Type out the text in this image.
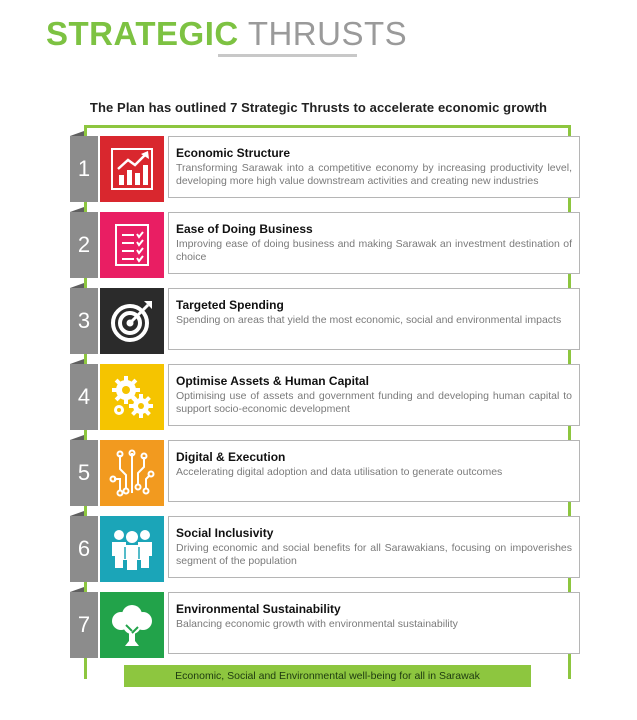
STRATEGIC THRUSTS
The Plan has outlined 7 Strategic Thrusts to accelerate economic growth
1
Economic Structure

Transforming Sarawak into a competitive economy by increasing productivity level, developing more high value downstream activities and creating new industries

2
Ease of Doing Business

Improving ease of doing business and making Sarawak an investment destination of choice

3
Targeted Spending

Spending on areas that yield the most economic, social and environmental impacts

4
Optimise Assets & Human Capital

Optimising use of assets and government funding and developing human capital to support socio-economic development

5
Digital & Execution

Accelerating digital adoption and data utilisation to generate outcomes

6
Social Inclusivity

Driving economic and social benefits for all Sarawakians, focusing on impoverishes segment of the population

7
Environmental Sustainability

Balancing economic growth with environmental sustainability

Economic, Social and Environmental well-being for all in Sarawak
